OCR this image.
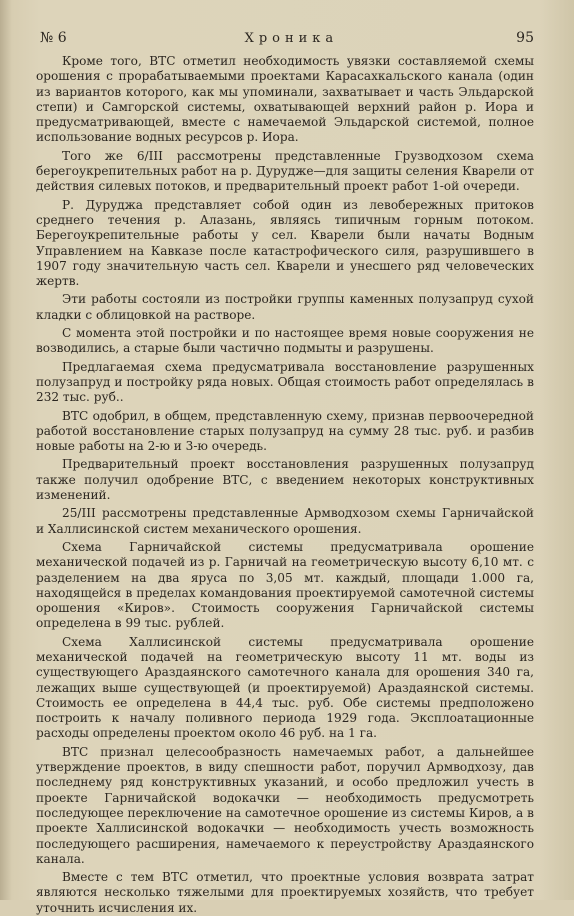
№ 6	Хроника	95

Кроме того, ВТС отметил необходимость увязки составляемой схемы орошения с прорабатываемыми проектами Карасахкальского канала (один из вариантов которого, как мы упоминали, захватывает и часть Эльдарской степи) и Самгорской системы, охватывающей верхний район р. Иора и предусматривающей, вместе с намечаемой Эльдарской системой, полное использование водных ресурсов р. Иора.

Того же 6/III рассмотрены представленные Грузводхозом схема берегоукрепительных работ на р. Дурудже—для защиты селения Кварели от действия силевых потоков, и предварительный проект работ 1-ой очереди.

Р. Дуруджа представляет собой один из левобережных притоков среднего течения р. Алазань, являясь типичным горным потоком. Берегоукрепительные работы у сел. Кварели были начаты Водным Управлением на Кавказе после катастрофического силя, разрушившего в 1907 году значительную часть сел. Кварели и унесшего ряд человеческих жертв.

Эти работы состояли из постройки группы каменных полузапруд сухой кладки с облицовкой на растворе.

С момента этой постройки и по настоящее время новые сооружения не возводились, а старые были частично подмыты и разрушены.

Предлагаемая схема предусматривала восстановление разрушенных полузапруд и постройку ряда новых. Общая стоимость работ определялась в 232 тыс. руб..

ВТС одобрил, в общем, представленную схему, признав первоочередной работой восстановление старых полузапруд на сумму 28 тыс. руб. и разбив новые работы на 2-ю и 3-ю очередь.

Предварительный проект восстановления разрушенных полузапруд также получил одобрение ВТС, с введением некоторых конструктивных изменений.

25/III рассмотрены представленные Армводхозом схемы Гарничайской и Халлисинской систем механического орошения.

Схема Гарничайской системы предусматривала орошение механической подачей из р. Гарничай на геометрическую высоту 6,10 мт. с разделением на два яруса по 3,05 мт. каждый, площади 1.000 га, находящейся в пределах командования проектируемой самотечной системы орошения «Киров». Стоимость сооружения Гарничайской системы определена в 99 тыс. рублей.

Схема Халлисинской системы предусматривала орошение механической подачей на геометрическую высоту 11 мт. воды из существующего Араздаянского самотечного канала для орошения 340 га, лежащих выше существующей (и проектируемой) Араздаянской системы. Стоимость ее определена в 44,4 тыс. руб. Обе системы предположено построить к началу поливного периода 1929 года. Эксплоатационные расходы определены проектом около 46 руб. на 1 га.

ВТС признал целесообразность намечаемых работ, а дальнейшее утверждение проектов, в виду спешности работ, поручил Армводхозу, дав последнему ряд конструктивных указаний, и особо предложил учесть в проекте Гарничайской водокачки — необходимость предусмотреть последующее переключение на самотечное орошение из системы Киров, а в проекте Халлисинской водокачки — необходимость учесть возможность последующего расширения, намечаемого к переустройству Араздаянского канала.

Вместе с тем ВТС отметил, что проектные условия возврата затрат являются несколько тяжелыми для проектируемых хозяйств, что требует уточнить исчисления их.
